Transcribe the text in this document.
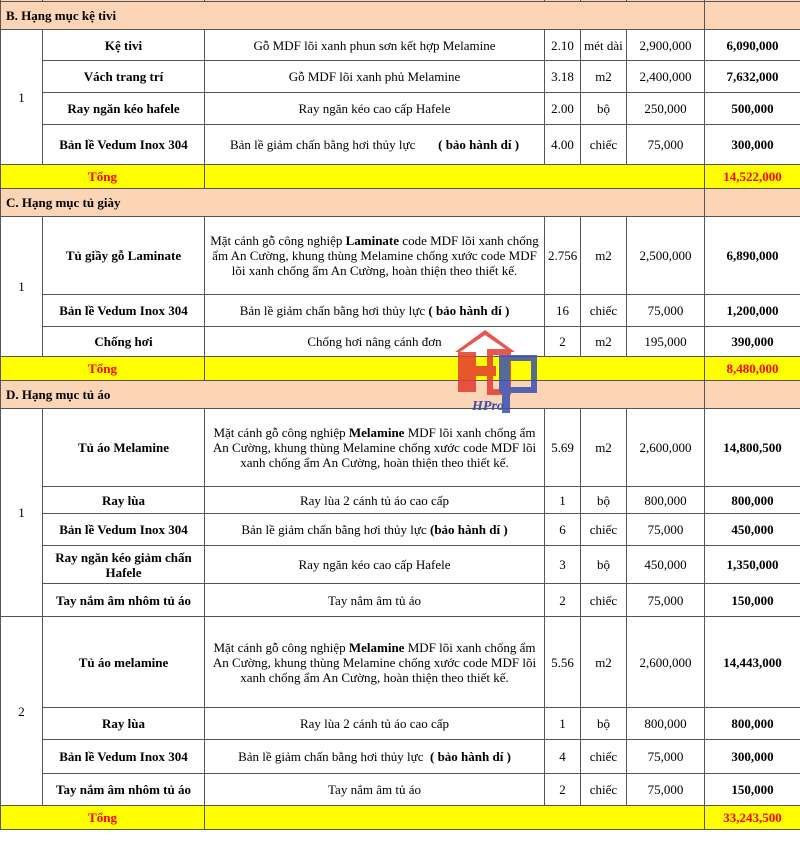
B. Hạng mục kệ tivi						
1	Kệ tivi	Gỗ MDF lõi xanh phun sơn kết hợp Melamine	2.10	mét dài	2,900,000	6,090,000
	Vách trang trí	Gỗ MDF lõi xanh phủ Melamine	3.18	m2	2,400,000	7,632,000
	Ray ngăn kéo hafele	Ray ngăn kéo cao cấp Hafele	2.00	bộ	250,000	500,000
	Bản lề Vedum Inox 304	Bản lề giảm chấn bằng hơi thủy lực       ( bảo hành dí )	4.00	chiếc	75,000	300,000
Tổng						14,522,000
C. Hạng mục tủ giày						
1	Tủ giầy gỗ Laminate	Mặt cánh gỗ công nghiệp Laminate code MDF lõi xanh chống ẩm An Cường, khung thùng Melamine chống xước code MDF lõi xanh chống ẩm An Cường, hoàn thiện theo thiết kế.	2.756	m2	2,500,000	6,890,000
	Bản lề Vedum Inox 304	Bản lề giảm chấn bằng hơi thủy lực ( bảo hành dí )	16	chiếc	75,000	1,200,000
	Chống hơi	Chống hơi nâng cánh đơn	2	m2	195,000	390,000
Tổng						8,480,000
D. Hạng mục tủ áo						
1	Tủ áo Melamine	Mặt cánh gỗ công nghiệp Melamine MDF lõi xanh chống ẩm An Cường, khung thùng Melamine chống xước code MDF lõi xanh chống ẩm An Cường, hoàn thiện theo thiết kế.	5.69	m2	2,600,000	14,800,500
	Ray lùa	Ray lùa 2 cánh tủ áo cao cấp	1	bộ	800,000	800,000
	Bản lề Vedum Inox 304	Bản lề giảm chấn bằng hơi thủy lực (bảo hành dí )	6	chiếc	75,000	450,000
	Ray ngăn kéo giảm chấn Hafele	Ray ngăn kéo cao cấp Hafele	3	bộ	450,000	1,350,000
	Tay nắm âm nhôm tủ áo	Tay nắm âm tủ áo	2	chiếc	75,000	150,000
2	Tủ áo melamine	Mặt cánh gỗ công nghiệp Melamine MDF lõi xanh chống ẩm An Cường, khung thùng Melamine chống xước code MDF lõi xanh chống ẩm An Cường, hoàn thiện theo thiết kế.	5.56	m2	2,600,000	14,443,000
	Ray lùa	Ray lùa 2 cánh tủ áo cao cấp	1	bộ	800,000	800,000
	Bản lề Vedum Inox 304	Bản lề giảm chấn bằng hơi thủy lực  ( bảo hành dí )	4	chiếc	75,000	300,000
	Tay nắm âm nhôm tủ áo	Tay nắm âm tủ áo	2	chiếc	75,000	150,000
Tổng						33,243,500
HPro
